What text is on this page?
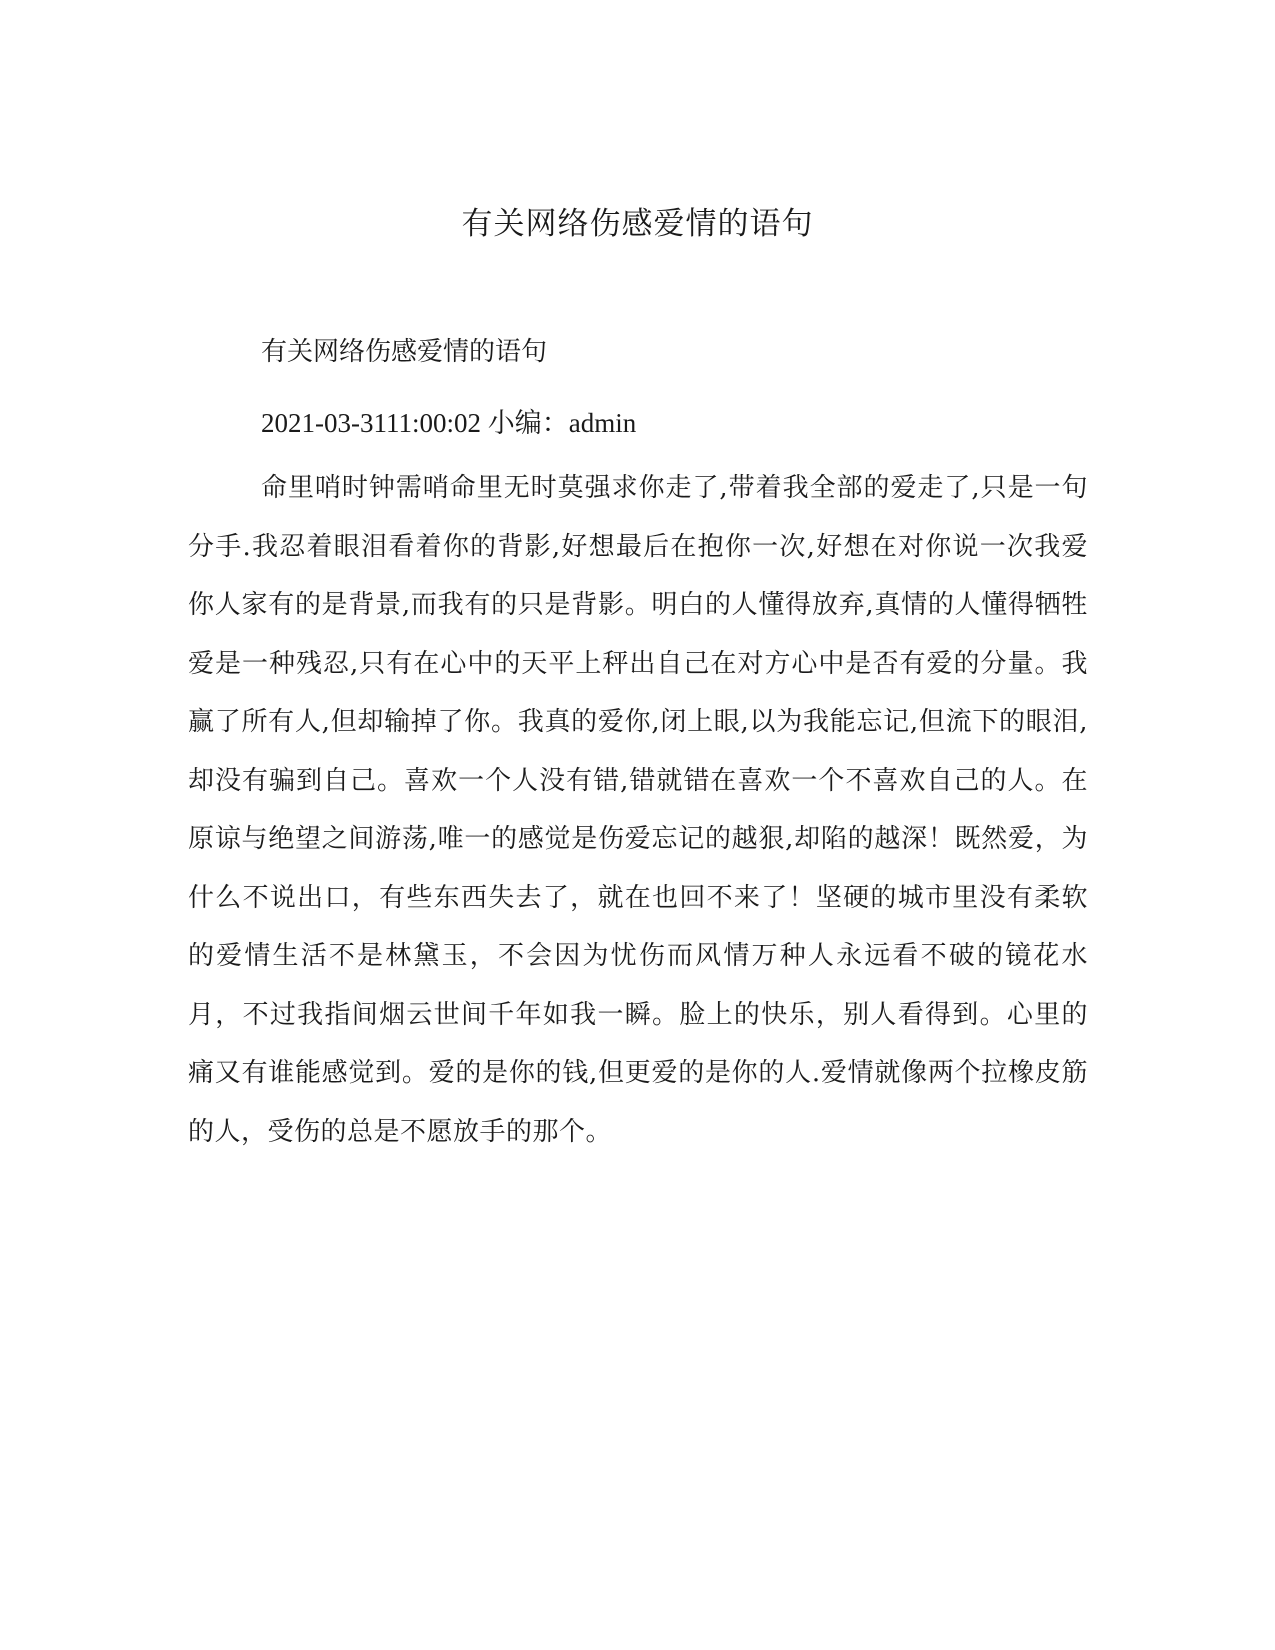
有关网络伤感爱情的语句

有关网络伤感爱情的语句

2021-03-3111:00:02 小编：admin

命里哨时钟需哨命里无时莫强求你走了,带着我全部的爱走了,只是一句分手.我忍着眼泪看着你的背影,好想最后在抱你一次,好想在对你说一次我爱你人家有的是背景,而我有的只是背影。明白的人懂得放弃,真情的人懂得牺牲爱是一种残忍,只有在心中的天平上秤出自己在对方心中是否有爱的分量。我赢了所有人,但却输掉了你。我真的爱你,闭上眼,以为我能忘记,但流下的眼泪,却没有骗到自己。喜欢一个人没有错,错就错在喜欢一个不喜欢自己的人。在原谅与绝望之间游荡,唯一的感觉是伤爱忘记的越狠,却陷的越深！既然爱，为什么不说出口，有些东西失去了，就在也回不来了！坚硬的城市里没有柔软的爱情生活不是林黛玉，不会因为忧伤而风情万种人永远看不破的镜花水月，不过我指间烟云世间千年如我一瞬。脸上的快乐，别人看得到。心里的痛又有谁能感觉到。爱的是你的钱,但更爱的是你的人.爱情就像两个拉橡皮筋的人，受伤的总是不愿放手的那个。
